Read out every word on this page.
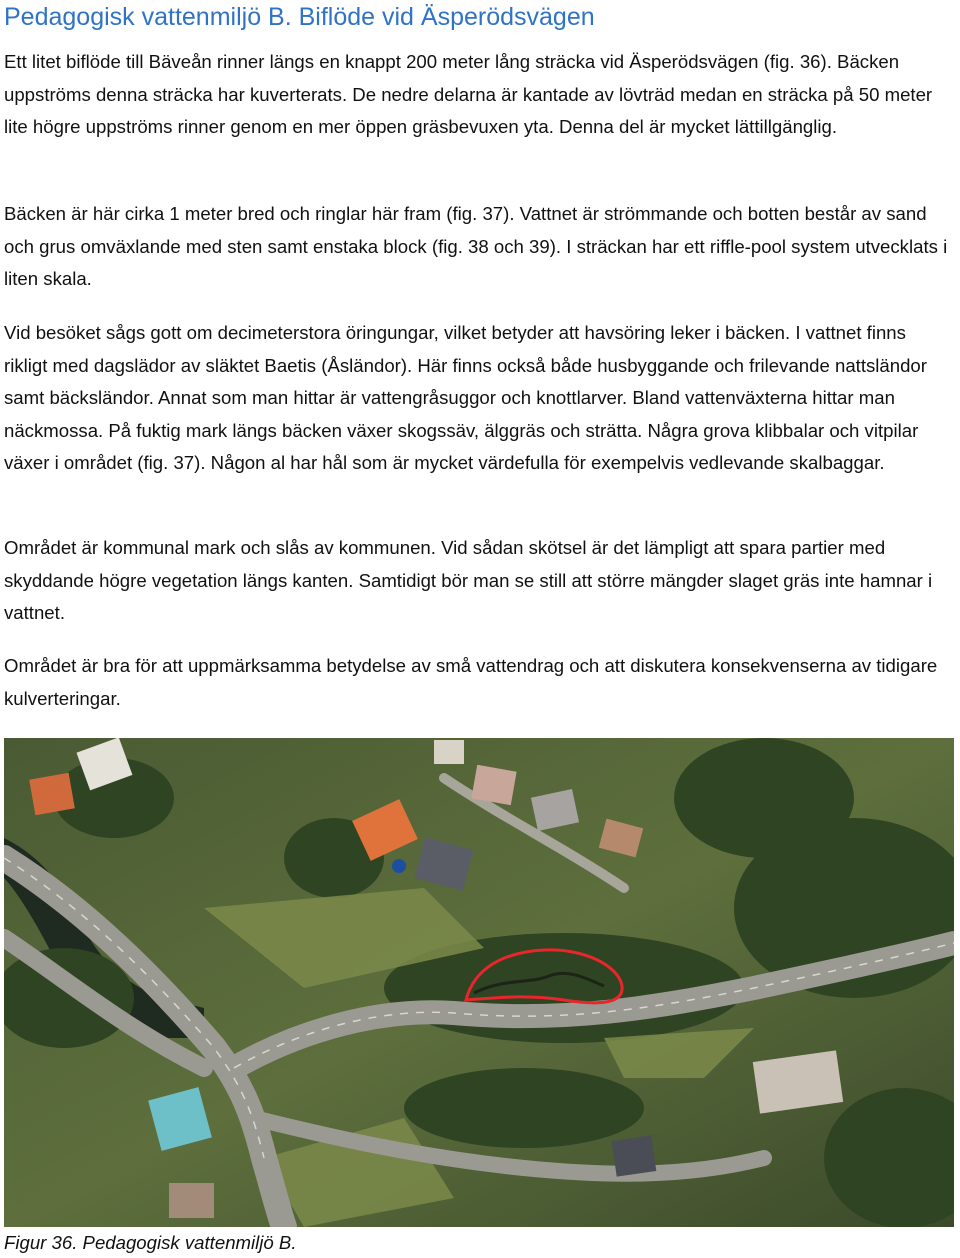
Pedagogisk vattenmiljö B. Biflöde vid Äsperödsvägen

Ett litet biflöde till Bäveån rinner längs en knappt 200 meter lång sträcka vid Äsperödsvägen (fig. 36). Bäcken uppströms denna sträcka har kuverterats. De nedre delarna är kantade av lövträd medan en sträcka på 50 meter lite högre uppströms rinner genom en mer öppen gräsbevuxen yta. Denna del är mycket lättillgänglig.

Bäcken är här cirka 1 meter bred och ringlar här fram (fig. 37). Vattnet är strömmande och botten består av sand och grus omväxlande med sten samt enstaka block (fig. 38 och 39). I sträckan har ett riffle-pool system utvecklats i liten skala.

Vid besöket sågs gott om decimeterstora öringungar, vilket betyder att havsöring leker i bäcken. I vattnet finns rikligt med dagslädor av släktet Baetis (Åsländor). Här finns också både husbyggande och frilevande nattsländor samt bäcksländor. Annat som man hittar är vattengråsuggor och knottlarver. Bland vattenväxterna hittar man näckmossa. På fuktig mark längs bäcken växer skogssäv, älggräs och strätta. Några grova klibbalar och vitpilar växer i området (fig. 37). Någon al har hål som är mycket värdefulla för exempelvis vedlevande skalbaggar.

Området är kommunal mark och slås av kommunen. Vid sådan skötsel är det lämpligt att spara partier med skyddande högre vegetation längs kanten. Samtidigt bör man se still att större mängder slaget gräs inte hamnar i vattnet.

Området är bra för att uppmärksamma betydelse av små vattendrag och att diskutera konsekvenserna av tidigare kulverteringar.

Figur 36. Pedagogisk vattenmiljö B.
